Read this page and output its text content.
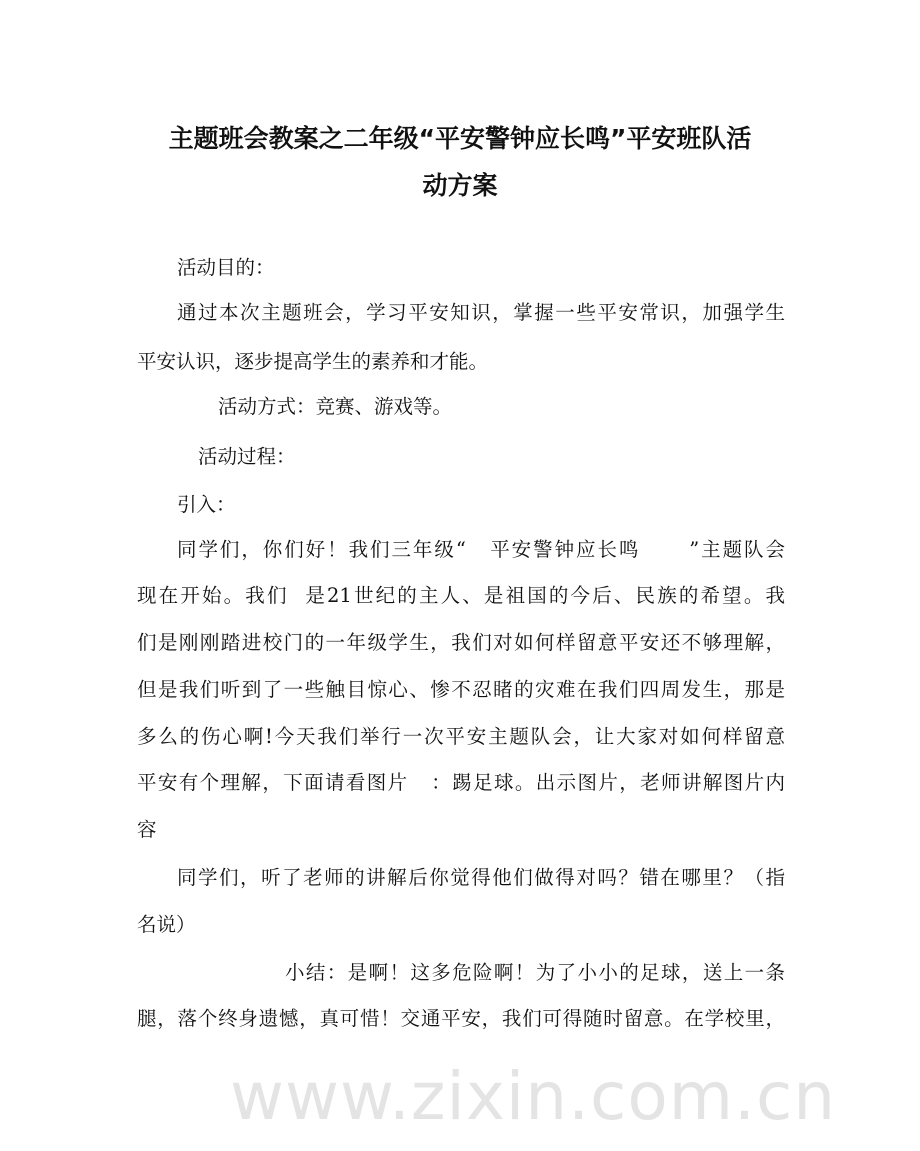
主题班会教案之二年级“平安警钟应长鸣”平安班队活
动方案
活动目的：
通过本次主题班会，学习平安知识，掌握一些平安常识，加强学生
平安认识，逐步提高学生的素养和才能。
活动方式：竞赛、游戏等。
活动过程：
引入：
同学们，你们好！我们三年级“   平安警钟应长鸣      ”主题队会
现在开始。我们  是21世纪的主人、是祖国的今后、民族的希望。我
们是刚刚踏进校门的一年级学生，我们对如何样留意平安还不够理解，
但是我们听到了一些触目惊心、惨不忍睹的灾难在我们四周发生，那是
多么的伤心啊!今天我们举行一次平安主题队会，让大家对如何样留意
平安有个理解，下面请看图片   ：踢足球。出示图片，老师讲解图片内
容
同学们，听了老师的讲解后你觉得他们做得对吗？错在哪里？（指
名说）
小结：是啊！这多危险啊！为了小小的足球，送上一条
腿，落个终身遗憾，真可惜！交通平安，我们可得随时留意。在学校里，
www.zixin.com.cn
